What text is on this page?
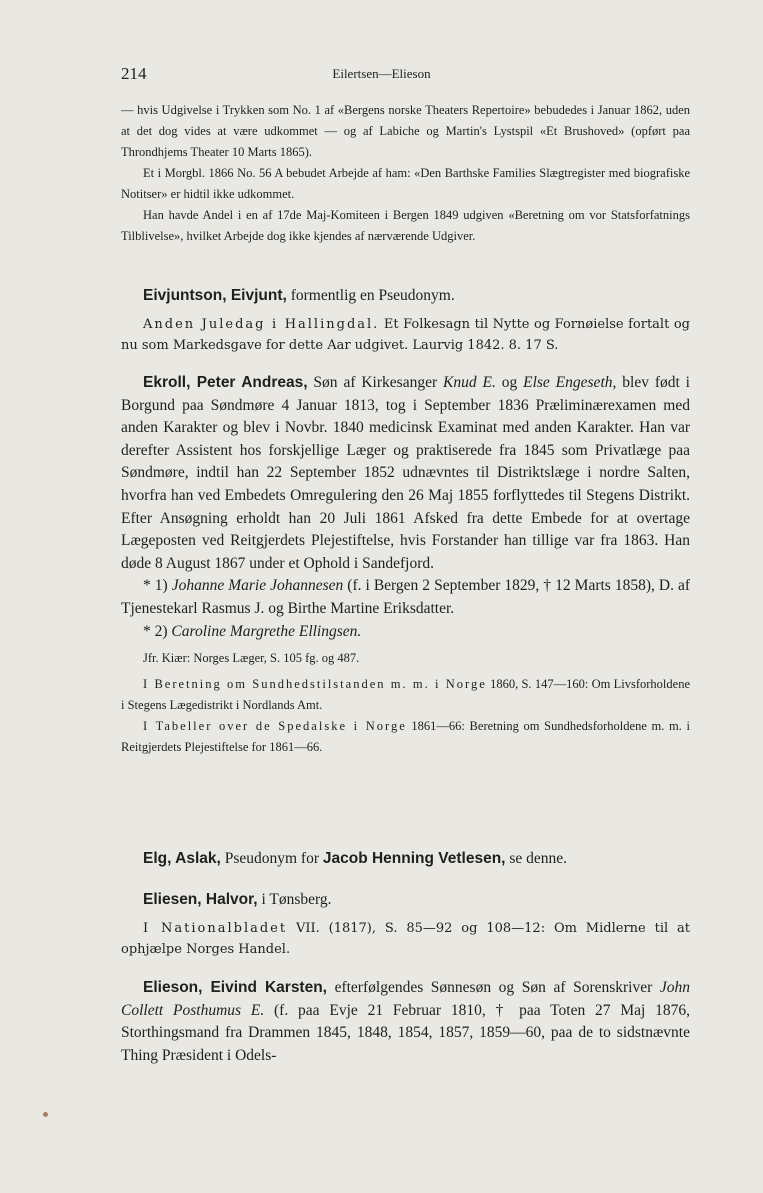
214	Eilertsen—Elieson

— hvis Udgivelse i Trykken som No. 1 af «Bergens norske Theaters Repertoire» bebudedes i Januar 1862, uden at det dog vides at være udkommet — og af Labiche og Martin's Lystspil «Et Brushoved» (opført paa Throndhjems Theater 10 Marts 1865).

Et i Morgbl. 1866 No. 56 A bebudet Arbejde af ham: «Den Barthske Families Slægtregister med biografiske Notitser» er hidtil ikke udkommet.

Han havde Andel i en af 17de Maj-Komiteen i Bergen 1849 udgiven «Beretning om vor Statsforfatnings Tilblivelse», hvilket Arbejde dog ikke kjendes af nærværende Udgiver.

Eivjuntson, Eivjunt, formentlig en Pseudonym.

Anden Juledag i Hallingdal. Et Folkesagn til Nytte og Fornøielse fortalt og nu som Markedsgave for dette Aar udgivet. Laurvig 1842. 8. 17 S.

Ekroll, Peter Andreas, Søn af Kirkesanger Knud E. og Else Engeseth, blev født i Borgund paa Søndmøre 4 Januar 1813, tog i September 1836 Præliminærexamen med anden Karakter og blev i Novbr. 1840 medicinsk Examinat med anden Karakter. Han var derefter Assistent hos forskjellige Læger og praktiserede fra 1845 som Privatlæge paa Søndmøre, indtil han 22 September 1852 udnævntes til Distriktslæge i nordre Salten, hvorfra han ved Embedets Omregulering den 26 Maj 1855 forflyttedes til Stegens Distrikt. Efter Ansøgning erholdt han 20 Juli 1861 Afsked fra dette Embede for at overtage Lægeposten ved Reitgjerdets Plejestiftelse, hvis Forstander han tillige var fra 1863. Han døde 8 August 1867 under et Ophold i Sandefjord.

* 1) Johanne Marie Johannesen (f. i Bergen 2 September 1829, † 12 Marts 1858), D. af Tjenestekarl Rasmus J. og Birthe Martine Eriksdatter.

* 2) Caroline Margrethe Ellingsen.

Jfr. Kiær: Norges Læger, S. 105 fg. og 487.

I Beretning om Sundhedstilstanden m. m. i Norge 1860, S. 147—160: Om Livsforholdene i Stegens Lægedistrikt i Nordlands Amt.

I Tabeller over de Spedalske i Norge 1861—66: Beretning om Sundhedsforholdene m. m. i Reitgjerdets Plejestiftelse for 1861—66.

Elg, Aslak, Pseudonym for Jacob Henning Vetlesen, se denne.

Eliesen, Halvor, i Tønsberg.

I Nationalbladet VII. (1817), S. 85—92 og 108—12: Om Midlerne til at ophjælpe Norges Handel.

Elieson, Eivind Karsten, efterfølgendes Sønnesøn og Søn af Sorenskriver John Collett Posthumus E. (f. paa Evje 21 Februar 1810, † paa Toten 27 Maj 1876, Storthingsmand fra Drammen 1845, 1848, 1854, 1857, 1859—60, paa de to sidstnævnte Thing Præsident i Odels-
